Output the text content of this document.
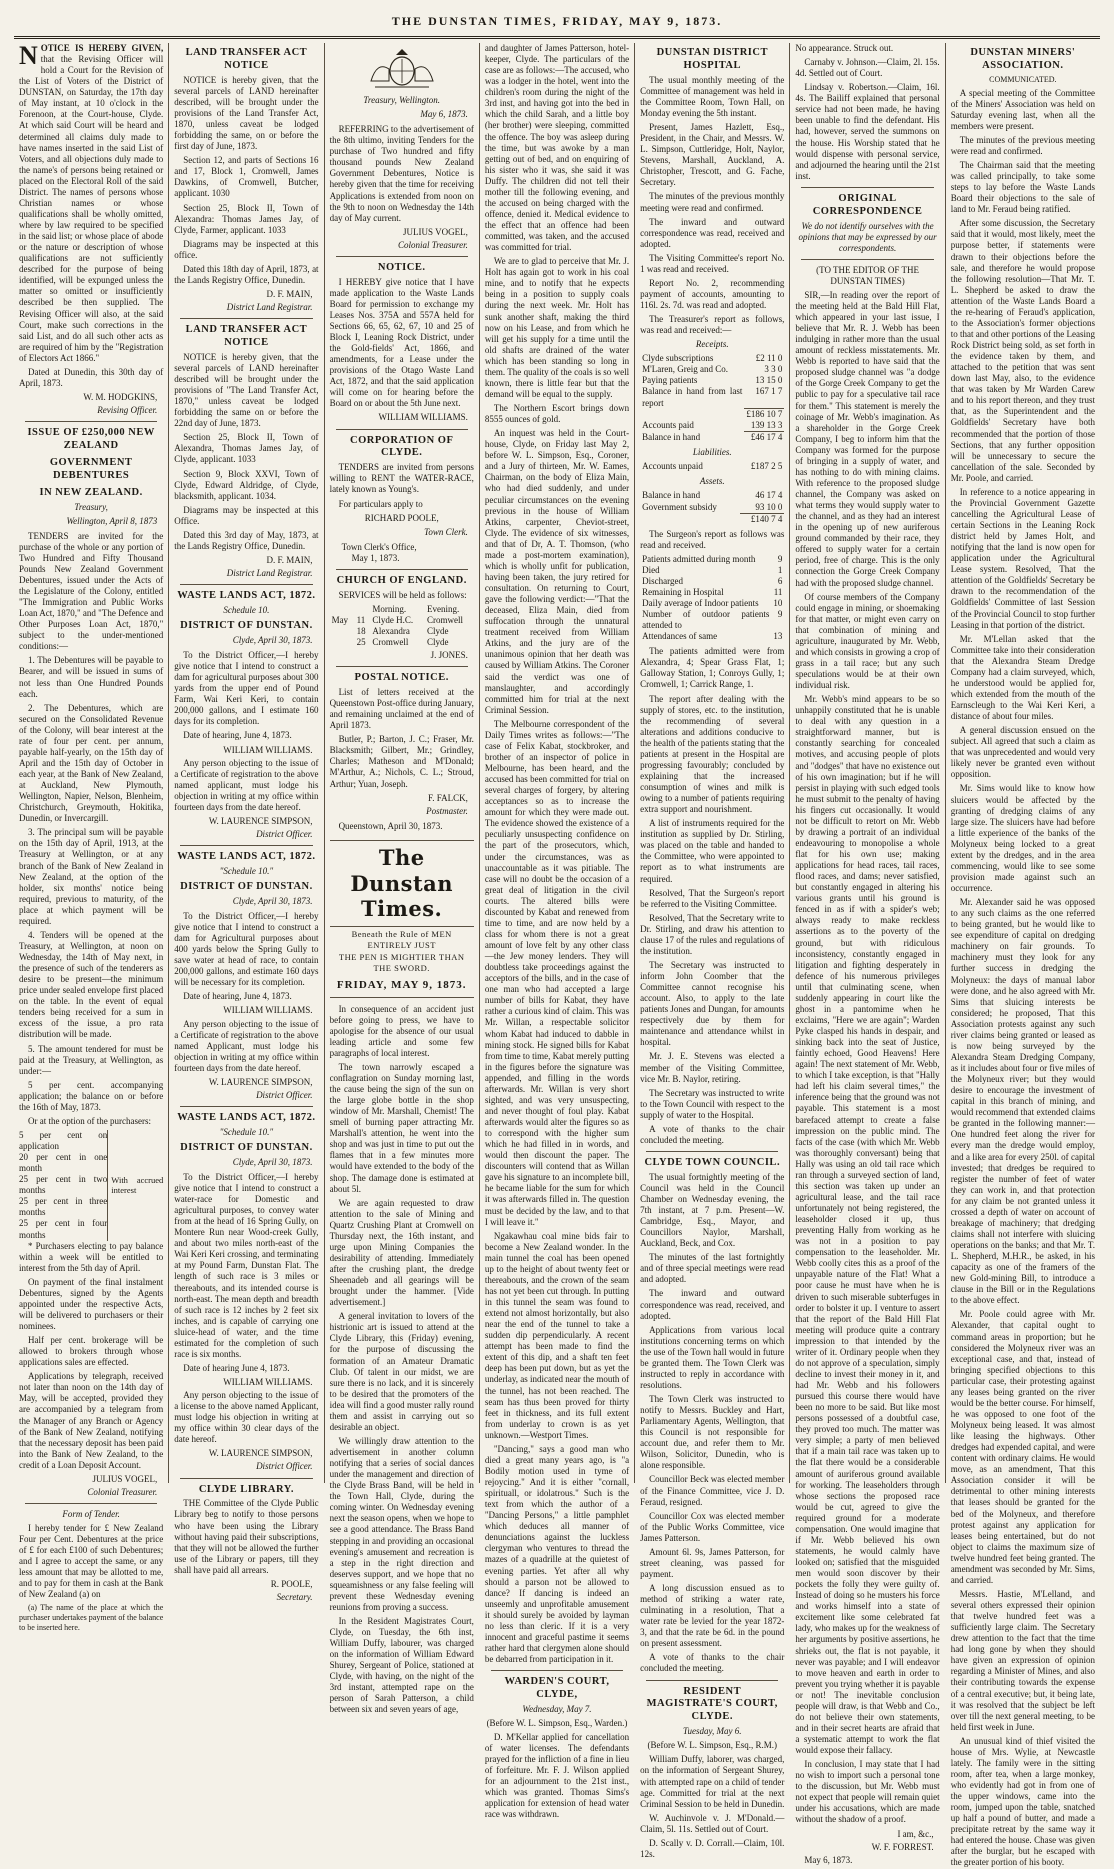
THE DUNSTAN TIMES, FRIDAY, MAY 9, 1873.

NOTICE IS HEREBY GIVEN, that the Revising Officer will hold a Court for the Revision of the List of Voters of the District of DUNSTAN, on Saturday, the 17th day of May instant, at 10 o'clock in the Forenoon, at the Court-house, Clyde. At which said Court will be heard and determined all claims duly made to have names inserted in the said List of Voters, and all objections duly made to the name's of persons being retained or placed on the Electoral Roll of the said District. The names of persons whose Christian names or whose qualifications shall be wholly omitted, where by law required to be specified in the said list; or whose place of abode or the nature or description of whose qualifications are not sufficiently described for the purpose of being identified, will be expunged unless the matter so omitted or insufficiently described be then supplied. The Revising Officer will also, at the said Court, make such corrections in the said List, and do all such other acts as are required of him by the "Registration of Electors Act 1866."

Dated at Dunedin, this 30th day of April, 1873.

W. M. HODGKINS,
Revising Officer.
ISSUE OF £250,000 NEW ZEALAND
GOVERNMENT DEBENTURES
IN NEW ZEALAND.
Treasury,
Wellington, April 8, 1873

TENDERS are invited for the purchase of the whole or any portion of Two Hundred and Fifty Thousand Pounds New Zealand Government Debentures, issued under the Acts of the Legislature of the Colony, entitled "The Immigration and Public Works Loan Act, 1870," and "The Defence and Other Purposes Loan Act, 1870," subject to the under-mentioned conditions:—

1. The Debentures will be payable to Bearer, and will be issued in sums of not less than One Hundred Pounds each.

2. The Debentures, which are secured on the Consolidated Revenue of the Colony, will bear interest at the rate of four per cent. per annum, payable half-yearly, on the 15th day of April and the 15th day of October in each year, at the Bank of New Zealand, at Auckland, New Plymouth, Wellington, Napier, Nelson, Blenheim, Christchurch, Greymouth, Hokitika, Dunedin, or Invercargill.

3. The principal sum will be payable on the 15th day of April, 1913, at the Treasury at Wellington, or at any branch of the Bank of New Zealand in New Zealand, at the option of the holder, six months' notice being required, previous to maturity, of the place at which payment will be required.

4. Tenders will be opened at the Treasury, at Wellington, at noon on Wednesday, the 14th of May next, in the presence of such of the tenderers as desire to be present—the minimum price under sealed envelope first placed on the table. In the event of equal tenders being received for a sum in excess of the issue, a pro rata distribution will be made.

5. The amount tendered for must be paid at the Treasury, at Wellington, as under:—

5 per cent. accompanying application; the balance on or before the 16th of May, 1873.

Or at the option of the purchasers:

5 per cent on application
20 per cent in one month
25 per cent in two months
25 per cent in three months
25 per cent in four months
With accrued interest

* Purchasers electing to pay balance within a week will be entitled to interest from the 5th day of April.

On payment of the final instalment Debentures, signed by the Agents appointed under the respective Acts, will be delivered to purchasers or their nominees.

Half per cent. brokerage will be allowed to brokers through whose applications sales are effected.

Applications by telegraph, received not later than noon on the 14th day of May, will be accepted, provided they are accompanied by a telegram from the Manager of any Branch or Agency of the Bank of New Zealand, notifying that the necessary deposit has been paid into the Bank of New Zealand, to the credit of a Loan Deposit Account.

JULIUS VOGEL,
Colonial Treasurer.
Form of Tender.

I hereby tender for £ New Zealand Four per Cent. Debentures at the price of £ for each £100 of such Debentures; and I agree to accept the same, or any less amount that may be allotted to me, and to pay for them in cash at the Bank of New Zealand (a) on

(a) The name of the place at which the purchaser undertakes payment of the balance to be inserted here.

LAND TRANSFER ACT NOTICE

NOTICE is hereby given, that the several parcels of LAND hereinafter described, will be brought under the provisions of the Land Transfer Act, 1870, unless caveat be lodged forbidding the same, on or before the first day of June, 1873.

Section 12, and parts of Sections 16 and 17, Block 1, Cromwell, James Dawkins, of Cromwell, Butcher, applicant. 1030

Section 25, Block II, Town of Alexandra: Thomas James Jay, of Clyde, Farmer, applicant. 1033

Diagrams may be inspected at this office.

Dated this 18th day of April, 1873, at the Lands Registry Office, Dunedin.

D. F. MAIN,
District Land Registrar.
LAND TRANSFER ACT NOTICE

NOTICE is hereby given, that the several parcels of LAND hereinafter described will be brought under the provisions of "The Land Transfer Act, 1870," unless caveat be lodged forbidding the same on or before the 22nd day of June, 1873.

Section 25, Block II, Town of Alexandra, Thomas James Jay, of Clyde, applicant. 1033

Section 9, Block XXVI, Town of Clyde, Edward Aldridge, of Clyde, blacksmith, applicant. 1034.

Diagrams may be inspected at this Office.

Dated this 3rd day of May, 1873, at the Lands Registry Office, Dunedin.

D. F. MAIN,
District Land Registrar.
WASTE LANDS ACT, 1872.
Schedule 10.
DISTRICT OF DUNSTAN.
Clyde, April 30, 1873.

To the District Officer,—I hereby give notice that I intend to construct a dam for agricultural purposes about 300 yards from the upper end of Pound Farm, Wai Keri Keri, to contain 200,000 gallons, and I estimate 160 days for its completion.

Date of hearing, June 4, 1873.

WILLIAM WILLIAMS.

Any person objecting to the issue of a Certificate of registration to the above named applicant, must lodge his objection in writing at my office within fourteen days from the date hereof.

W. LAURENCE SIMPSON,
District Officer.
WASTE LANDS ACT, 1872.
"Schedule 10."
DISTRICT OF DUNSTAN.
Clyde, April 30, 1873.

To the District Officer,—I hereby give notice that I intend to construct a dam for Agricultural purposes about 400 yards below the Spring Gully to save water at head of race, to contain 200,000 gallons, and estimate 160 days will be necessary for its completion.

Date of hearing, June 4, 1873.

WILLIAM WILLIAMS.

Any person objecting to the issue of a Certificate of registration to the above named Applicant, must lodge his objection in writing at my office within fourteen days from the date hereof.

W. LAURENCE SIMPSON,
District Officer.
WASTE LANDS ACT, 1872.
"Schedule 10."
DISTRICT OF DUNSTAN.
Clyde, April 30, 1873.

To the District Officer,—I hereby give notice that I intend to construct a water-race for Domestic and agricultural purposes, to convey water from at the head of 16 Spring Gully, on Montere Run near Wood-creek Gully, and about two miles north-east of the Wai Keri Keri crossing, and terminating at my Pound Farm, Dunstan Flat. The length of such race is 3 miles or thereabouts, and its intended course is north-east. The mean depth and breadth of such race is 12 inches by 2 feet six inches, and is capable of carrying one sluice-head of water, and the time estimated for the completion of such race is six months.

Date of hearing June 4, 1873.

WILLIAM WILLIAMS.

Any person objecting to the issue of a license to the above named Applicant, must lodge his objection in writing at my office within 30 clear days of the date hereof.

W. LAURENCE SIMPSON,
District Officer.
CLYDE LIBRARY.

THE Committee of the Clyde Public Library beg to notify to those persons who have been using the Library without having paid their subscriptions, that they will not be allowed the further use of the Library or papers, till they shall have paid all arrears.

R. POOLE,
Secretary.
Treasury, Wellington.
May 6, 1873.

REFERRING to the advertisement of the 8th ultimo, inviting Tenders for the purchase of Two hundred and fifty thousand pounds New Zealand Government Debentures, Notice is hereby given that the time for receiving Applications is extended from noon on the 9th to noon on Wednesday the 14th day of May current.

JULIUS VOGEL,
Colonial Treasurer.
NOTICE.

I HEREBY give notice that I have made application to the Waste Lands Board for permission to exchange my Leases Nos. 375A and 557A held for Sections 66, 65, 62, 67, 10 and 25 of Block I, Leaning Rock District, under the Gold-fields' Act, 1866, and amendments, for a Lease under the provisions of the Otago Waste Land Act, 1872, and that the said application will come on for hearing before the Board on or about the 5th June next.

WILLIAM WILLIAMS.
CORPORATION OF CLYDE.

TENDERS are invited from persons willing to RENT the WATER-RACE, lately known as Young's.

For particulars apply to

RICHARD POOLE,
Town Clerk.
Town Clerk's Office,
May 1, 1873.
CHURCH OF ENGLAND.

SERVICES will be held as follows:

		Morning.	Evening.
May	11	Clyde H.C.	Cromwell
	18	Alexandra	Clyde
	25	Cromwell	Clyde
J. JONES.
POSTAL NOTICE.

List of letters received at the Queenstown Post-office during January, and remaining unclaimed at the end of April 1873.

Butler, P.; Barton, J. C.; Fraser, Mr. Blacksmith; Gilbert, Mr.; Grindley, Charles; Matheson and M'Donald; M'Arthur, A.; Nichols, C. L.; Stroud, Arthur; Yuan, Joseph.

F. FALCK,
Postmaster.

Queenstown, April 30, 1873.

The Dunstan Times.
Beneath the Rule of MEN ENTIRELY JUST
THE PEN IS MIGHTIER THAN THE SWORD.
FRIDAY, MAY 9, 1873.

In consequence of an accident just before going to press, we have to apologise for the absence of our usual leading article and some few paragraphs of local interest.

The town narrowly escaped a conflagration on Sunday morning last, the cause being the sign of the sun on the large globe bottle in the shop window of Mr. Marshall, Chemist! The smell of burning paper attracting Mr. Marshall's attention, he went into the shop and was just in time to put out the flames that in a few minutes more would have extended to the body of the shop. The damage done is estimated at about 5l.

We are again requested to draw attention to the sale of Mining and Quartz Crushing Plant at Cromwell on Thursday next, the 16th instant, and urge upon Mining Companies the desirability of attending. Immediately after the crushing plant, the dredge Sheenadeb and all gearings will be brought under the hammer. [Vide advertisement.]

A general invitation to lovers of the histrionic art is issued to attend at the Clyde Library, this (Friday) evening, for the purpose of discussing the formation of an Amateur Dramatic Club. Of talent in our midst, we are sure there is no lack, and it is sincerely to be desired that the promoters of the idea will find a good muster rally round them and assist in carrying out so desirable an object.

We willingly draw attention to the advertisement in another column notifying that a series of social dances under the management and direction of the Clyde Brass Band, will be held in the Town Hall, Clyde, during the coming winter. On Wednesday evening next the season opens, when we hope to see a good attendance. The Brass Band stepping in and providing an occasional evening's amusement and recreation is a step in the right direction and deserves support, and we hope that no squeamishness or any false feeling will prevent these Wednesday evening reunions from proving a success.

In the Resident Magistrates Court, Clyde, on Tuesday, the 6th inst, William Duffy, labourer, was charged on the information of William Edward Shurey, Sergeant of Police, stationed at Clyde, with having, on the night of the 3rd instant, attempted rape on the person of Sarah Patterson, a child between six and seven years of age,

and daughter of James Patterson, hotel-keeper, Clyde. The particulars of the case are as follows:—The accused, who was a lodger in the hotel, went into the children's room during the night of the 3rd inst, and having got into the bed in which the child Sarah, and a little boy (her brother) were sleeping, committed the offence. The boy was asleep during the time, but was awoke by a man getting out of bed, and on enquiring of his sister who it was, she said it was Duffy. The children did not tell their mother till the following evening, and the accused on being charged with the offence, denied it. Medical evidence to the effect that an offence had been committed, was taken, and the accused was committed for trial.

We are to glad to perceive that Mr. J. Holt has again got to work in his coal mine, and to notify that he expects being in a position to supply coals during the next week. Mr. Holt has sunk another shaft, making the third now on his Lease, and from which he will get his supply for a time until the old shafts are drained of the water which has been standing so long in them. The quality of the coals is so well known, there is little fear but that the demand will be equal to the supply.

The Northern Escort brings down 8555 ounces of gold.

An inquest was held in the Court-house, Clyde, on Friday last May 2, before W. L. Simpson, Esq., Coroner, and a Jury of thirteen, Mr. W. Eames, Chairman, on the body of Eliza Main, who had died suddenly, and under peculiar circumstances on the evening previous in the house of William Atkins, carpenter, Cheviot-street, Clyde. The evidence of six witnesses, and that of Dr, A. T. Thomson, (who made a post-mortem examination), which is wholly unfit for publication, having been taken, the jury retired for consultation. On returning to Court, gave the following verdict:—"That the deceased, Eliza Main, died from suffocation through the unnatural treatment received from William Atkins, and the jury are of the unanimous opinion that her death was caused by William Atkins. The Coroner said the verdict was one of manslaughter, and accordingly committed him for trial at the next Criminal Session.

The Melbourne correspondent of the Daily Times writes as follows:—"The case of Felix Kabat, stockbroker, and brother of an inspector of police in Melbourne, has been heard, and the accused has been committed for trial on several charges of forgery, by altering acceptances so as to increase the amount for which they were made out. The evidence showed the existence of a peculiarly unsuspecting confidence on the part of the prosecutors, which, under the circumstances, was as unaccountable as it was pitiable. The case will no doubt be the occasion of a great deal of litigation in the civil courts. The altered bills were discounted by Kabat and renewed from time to time, and are now held by a class for whom there is not a great amount of love felt by any other class—the Jew money lenders. They will doubtless take proceedings against the acceptors of the bills, and in the case of one man who had accepted a large number of bills for Kabat, they have rather a curious kind of claim. This was Mr. Willan, a respectable solicitor whom Kabat had induced to dabble in mining stock. He signed bills for Kabat from time to time, Kabat merely putting in the figures before the signature was appended, and filling in the words afterwards. Mr. Willan is very short sighted, and was very unsuspecting, and never thought of foul play. Kabat afterwards would alter the figures so as to correspond with the higher sum which he had filled in in words, and would then discount the paper. The discounters will contend that as Willan gave his signature to an incomplete bill, he became liable for the sum for which it was afterwards filled in. The question must be decided by the law, and to that I will leave it."

Ngakawhau coal mine bids fair to become a New Zealand wonder. In the main tunnel the coal has been opened up to the height of about twenty feet or thereabouts, and the crown of the seam has not yet been cut through. In putting in this tunnel the seam was found to extend not almost horizontally, but also near the end of the tunnel to take a sudden dip perpendicularly. A recent attempt has been made to find the extent of this dip, and a shaft ten feet deep has been put down, but as yet the underlay, as indicated near the mouth of the tunnel, has not been reached. The seam has thus been proved for thirty feet in thickness, and its full extent from underlay to crown is as yet unknown.—Westport Times.

"Dancing," says a good man who died a great many years ago, is "a Bodily motion used in tyme of rejoycing." And it is either "cornall, spirituall, or idolatrous." Such is the text from which the author of a "Dancing Persons," a little pamphlet which deduces all manner of denunciations against the luckless clergyman who ventures to thread the mazes of a quadrille at the quietest of evening parties. Yet after all why should a parson not be allowed to dance? If dancing is indeed an unseemly and unprofitable amusement it should surely be avoided by layman no less than cleric. If it is a very innocent and graceful pastime it seems rather hard that clergymen alone should be debarred from participation in it.

WARDEN'S COURT, CLYDE,
Wednesday, May 7.
(Before W. L. Simpson, Esq., Warden.)

D. M'Kellar applied for cancellation of water licenses. The defendants prayed for the infliction of a fine in lieu of forfeiture. Mr. F. J. Wilson applied for an adjournment to the 21st inst., which was granted. Thomas Sims's application for extension of head water race was withdrawn.

DUNSTAN DISTRICT HOSPITAL

The usual monthly meeting of the Committee of management was held in the Committee Room, Town Hall, on Monday evening the 5th instant.

Present, James Hazlett, Esq., President, in the Chair, and Messrs. W. L. Simpson, Cuttleridge, Holt, Naylor, Stevens, Marshall, Auckland, A. Christopher, Trescott, and G. Fache, Secretary.

The minutes of the previous monthly meeting were read and confirmed.

The inward and outward correspondence was read, received and adopted.

The Visiting Committee's report No. 1 was read and received.

Report No. 2, recommending payment of accounts, amounting to 116l. 2s. 7d. was read and adopted.

The Treasurer's report as follows, was read and received:—

Receipts.
Clyde subscriptions	£2 11 0
M'Laren, Greig and Co.	3 3 0
Paying patients	13 15 0
Balance in hand from last report	167 1 7
	£186 10 7
Accounts paid	139 13 3
Balance in hand	£46 17 4
Liabilities.
Accounts unpaid	£187 2 5
Assets.
Balance in hand	46 17 4
Government subsidy	93 10 0
	£140 7 4

The Surgeon's report as follows was read and received.

Patients admitted during month	9
Died	1
Discharged	6
Remaining in Hospital	11
Daily average of Indoor patients	10
Number of outdoor patients attended to	9
Attendances of same	13

The patients admitted were from Alexandra, 4; Spear Grass Flat, 1; Galloway Station, 1; Conroys Gully, 1; Cromwell, 1; Carrick Range, 1.

The report after dealing with the supply of stores, etc. to the institution, the recommending of several alterations and additions conducive to the health of the patients stating that the patients at present in the Hospital are progressing favourably; concluded by explaining that the increased consumption of wines and milk is owing to a number of patients requiring extra support and nourishment.

A list of instruments required for the institution as supplied by Dr. Stirling, was placed on the table and handed to the Committee, who were appointed to report as to what instruments are required.

Resolved, That the Surgeon's report be referred to the Visiting Committee.

Resolved, That the Secretary write to Dr. Stirling, and draw his attention to clause 17 of the rules and regulations of the institution.

The Secretary was instructed to inform John Coomber that the Committee cannot recognise his account. Also, to apply to the late patients Jones and Dungan, for amounts respectively due by them for maintenance and attendance whilst in hospital.

Mr. J. E. Stevens was elected a member of the Visiting Committee, vice Mr. B. Naylor, retiring.

The Secretary was instructed to write to the Town Council with respect to the supply of water to the Hospital.

A vote of thanks to the chair concluded the meeting.

CLYDE TOWN COUNCIL.

The usual fortnightly meeting of the Council was held in the Council Chamber on Wednesday evening, the 7th instant, at 7 p.m. Present—W. Cambridge, Esq., Mayor, and Councillors Naylor, Marshall, Auckland, Beck, and Cox.

The minutes of the last fortnightly and of three special meetings were read and adopted.

The inward and outward correspondence was read, received, and adopted.

Applications from various local institutions concerning terms on which the use of the Town hall would in future be granted them. The Town Clerk was instructed to reply in accordance with resolutions.

The Town Clerk was instructed to notify to Messrs. Buckley and Hart, Parliamentary Agents, Wellington, that this Council is not responsible for account due, and refer them to Mr. Wilson, Solicitor, Dunedin, who is alone responsible.

Councillor Beck was elected member of the Finance Committee, vice J. D. Feraud, resigned.

Councillor Cox was elected member of the Public Works Committee, vice James Patterson.

Amount 6l. 9s, James Patterson, for street cleaning, was passed for payment.

A long discussion ensued as to method of striking a water rate, culminating in a resolution, That a water rate be levied for the year 1872-3, and that the rate be 6d. in the pound on present assessment.

A vote of thanks to the chair concluded the meeting.

RESIDENT MAGISTRATE'S COURT, CLYDE.
Tuesday, May 6.
(Before W. L. Simpson, Esq., R.M.)

William Duffy, laborer, was charged, on the information of Sergeant Shurey, with attempted rape on a child of tender age. Committed for trial at the next Criminal Session to be held in Dunedin.

W. Auchinvole v. J. M'Donald.—Claim, 5l. 11s. Settled out of Court.

D. Scally v. D. Corrall.—Claim, 10l. 12s.

No appearance. Struck out.

Carnaby v. Johnson.—Claim, 2l. 15s. 4d. Settled out of Court.

Lindsay v. Robertson.—Claim, 16l. 4s. The Bailiff explained that personal service had not been made, he having been unable to find the defendant. His had, however, served the summons on the house. His Worship stated that he would dispense with personal service, and adjourned the hearing until the 21st inst.

ORIGINAL CORRESPONDENCE
We do not identify ourselves with the opinions that may be expressed by our correspondents.
(TO THE EDITOR OF THE DUNSTAN TIMES)

SIR,—In reading over the report of the meeting held at the Bald Hill Flat, which appeared in your last issue, I believe that Mr. R. J. Webb has been indulging in rather more than the usual amount of reckless misstatements. Mr. Webb is reported to have said that the proposed sludge channel was "a dodge of the Gorge Creek Company to get the public to pay for a speculative tail race for them." This statement is merely the coinage of Mr. Webb's imagination. As a shareholder in the Gorge Creek Company, I beg to inform him that the Company was formed for the purpose of bringing in a supply of water, and has nothing to do with mining claims. With reference to the proposed sludge channel, the Company was asked on what terms they would supply water to the channel, and as they had an interest in the opening up of new auriferous ground commanded by their race, they offered to supply water for a certain period, free of charge. This is the only connection the Gorge Creek Company had with the proposed sludge channel.

Of course members of the Company could engage in mining, or shoemaking for that matter, or might even carry on that combination of mining and agriculture, inaugurated by Mr. Webb, and which consists in growing a crop of grass in a tail race; but any such speculations would be at their own individual risk.

Mr. Webb's mind appears to be so unhappily constituted that he is unable to deal with any question in a straightforward manner, but is constantly searching for concealed motives, and accusing people of plots and "dodges" that have no existence out of his own imagination; but if he will persist in playing with such edged tools he must submit to the penalty of having his fingers cut occasionally. It would not be difficult to retort on Mr. Webb by drawing a portrait of an individual endeavouring to monopolise a whole flat for his own use; making applications for head races, tail races, flood races, and dams; never satisfied, but constantly engaged in altering his various grants until his ground is fenced in as if with a spider's web; always ready to make reckless assertions as to the poverty of the ground, but with ridiculous inconsistency, constantly engaged in litigation and fighting desperately in defence of his numerous privileges until that culminating scene, when suddenly appearing in court like the ghost in a pantomime when he exclaims, "Here we are again"; Warden Pyke clasped his hands in despair, and sinking back into the seat of Justice, faintly echoed, Good Heavens! Here again! The next statement of Mr. Webb, to which I take exception, is that "Hally had left his claim several times," the inference being that the ground was not payable. This statement is a most barefaced attempt to create a false impression on the public mind. The facts of the case (with which Mr. Webb was thoroughly conversant) being that Hally was using an old tail race which ran through a surveyed section of land, this section was taken up under an agricultural lease, and the tail race unfortunately not being registered, the leaseholder closed it up, thus preventing Hally from working as he was not in a position to pay compensation to the leaseholder. Mr. Webb coolly cites this as a proof of the unpayable nature of the Flat! What a poor cause he must have when he is driven to such miserable subterfuges in order to bolster it up. I venture to assert that the report of the Bald Hill Flat meeting will produce quite a contrary impression to that intended by the writer of it. Ordinary people when they do not approve of a speculation, simply decline to invest their money in it, and had Mr. Webb and his followers pursued this course there would have been no more to be said. But like most persons possessed of a doubtful case, they proved too much. The matter was very simple; a party of men believed that if a main tail race was taken up to the flat there would be a considerable amount of auriferous ground available for working. The leaseholders through whose sections the proposed race would be cut, agreed to give the required ground for a moderate compensation. One would imagine that if Mr. Webb believed his own statements, he would calmly have looked on; satisfied that the misguided men would soon discover by their pockets the folly they were guilty of. Instead of doing so he musters his force and works himself into a state of excitement like some celebrated fat lady, who makes up for the weakness of her arguments by positive assertions, he shrieks out, the flat is not payable, it never was payable; and I will endeavor to move heaven and earth in order to prevent you trying whether it is payable or not! The inevitable conclusion people will draw, is that Webb and Co., do not believe their own statements, and in their secret hearts are afraid that a systematic attempt to work the flat would expose their fallacy.

In conclusion, I may state that I had no wish to import such a personal tone to the discussion, but Mr. Webb must not expect that people will remain quiet under his accusations, which are made without the shadow of a proof.

I am, &c.,
W. F. FORREST.

May 6, 1873.

DUNSTAN MINERS' ASSOCIATION.
COMMUNICATED.

A special meeting of the Committee of the Miners' Association was held on Saturday evening last, when all the members were present.

The minutes of the previous meeting were read and confirmed.

The Chairman said that the meeting was called principally, to take some steps to lay before the Waste Lands Board their objections to the sale of land to Mr. Feraud being ratified.

After some discussion, the Secretary said that it would, most likely, meet the purpose better, if statements were drawn to their objections before the sale, and therefore he would propose the following resolution—That Mr. T. L. Shepherd be asked to draw the attention of the Waste Lands Board a the re-hearing of Feraud's application, to the Association's former objections to that and other portions of the Leasing Rock District being sold, as set forth in the evidence taken by them, and attached to the petition that was sent down last May, also, to the evidence that was taken by Mr Warden Carew and to his report thereon, and they trust that, as the Superintendent and the Goldfields' Secretary have both recommended that the portion of those Sections, that any further opposition will be unnecessary to secure the cancellation of the sale. Seconded by Mr. Poole, and carried.

In reference to a notice appearing in the Provincial Government Gazette cancelling the Agricultural Lease of certain Sections in the Leaning Rock district held by James Holt, and notifying that the land is now open for application under the Agricultural Lease system. Resolved, That the attention of the Goldfields' Secretary be drawn to the recommendation of the Goldfields' Committee of last Session of the Provincial Council to stop further Leasing in that portion of the district.

Mr. M'Lellan asked that the Committee take into their consideration that the Alexandra Steam Dredge Company had a claim surveyed, which, he understood would be applied for, which extended from the mouth of the Earnscleugh to the Wai Keri Keri, a distance of about four miles.

A general discussion ensued on the subject. All agreed that such a claim as that was unprecedented and would very likely never be granted even without opposition.

Mr. Sims would like to know how sluicers would be affected by the granting of dredging claims of any large size. The sluicers have had before a little experience of the banks of the Molyneux being locked to a great extent by the dredges, and in the area commencing, would like to see some provision made against such an occurrence.

Mr. Alexander said he was opposed to any such claims as the one referred to being granted, but he would like to see expenditure of capital on dredging machinery on fair grounds. To machinery must they look for any further success in dredging the Molyneux: the days of manual labor were done, and he also agreed with Mr. Sims that sluicing interests be considered; he proposed, That this Association protests against any such river claims being granted or leased as is now being surveyed by the Alexandra Steam Dredging Company, as it includes about four or five miles of the Molyneux river; but they would desire to encourage the investment of capital in this branch of mining, and would recommend that extended claims be granted in the following manner:—One hundred feet along the river for every man the dredge would employ, and a like area for every 250l. of capital invested; that dredges be required to register the number of feet of water they can work in, and that protection for any claim be not granted unless it crossed a depth of water on account of breakage of machinery; that dredging claims shall not interfere with sluicing operations on the banks; and that Mr. T. L. Shepherd, M.H.R., be asked, in his capacity as one of the framers of the new Gold-mining Bill, to introduce a clause in the Bill or in the Regulations to the above effect.

Mr. Poole could agree with Mr. Alexander, that capital ought to command areas in proportion; but he considered the Molyneux river was an exceptional case, and that, instead of bringing specified objections to this particular case, their protesting against any leases being granted on the river would be the better course. For himself, he was opposed to one foot of the Molyneux being leased. It was almost like leasing the highways. Other dredges had expended capital, and were content with ordinary claims. He would move, as an amendment, That this Association consider it will be detrimental to other mining interests that leases should be granted for the bed of the Molyneux, and therefore protest against any application for leases being entertained, but do not object to claims the maximum size of twelve hundred feet being granted. The amendment was seconded by Mr. Sims, and carried.

Messrs. Hastie, M'Lelland, and several others expressed their opinion that twelve hundred feet was a sufficiently large claim. The Secretary drew attention to the fact that the time had long gone by when they should have given an expression of opinion regarding a Minister of Mines, and also their contributing towards the expense of a central executive; but, it being late, it was resolved that the subject be left over till the next general meeting, to be held first week in June.

An unusual kind of thief visited the house of Mrs. Wylie, at Newcastle lately. The family were in the sitting room, after tea, when a large monkey, who evidently had got in from one of the upper windows, came into the room, jumped upon the table, snatched up half a pound of butter, and made a precipitate retreat by the same way it had entered the house. Chase was given after the burglar, but he escaped with the greater portion of his booty.
